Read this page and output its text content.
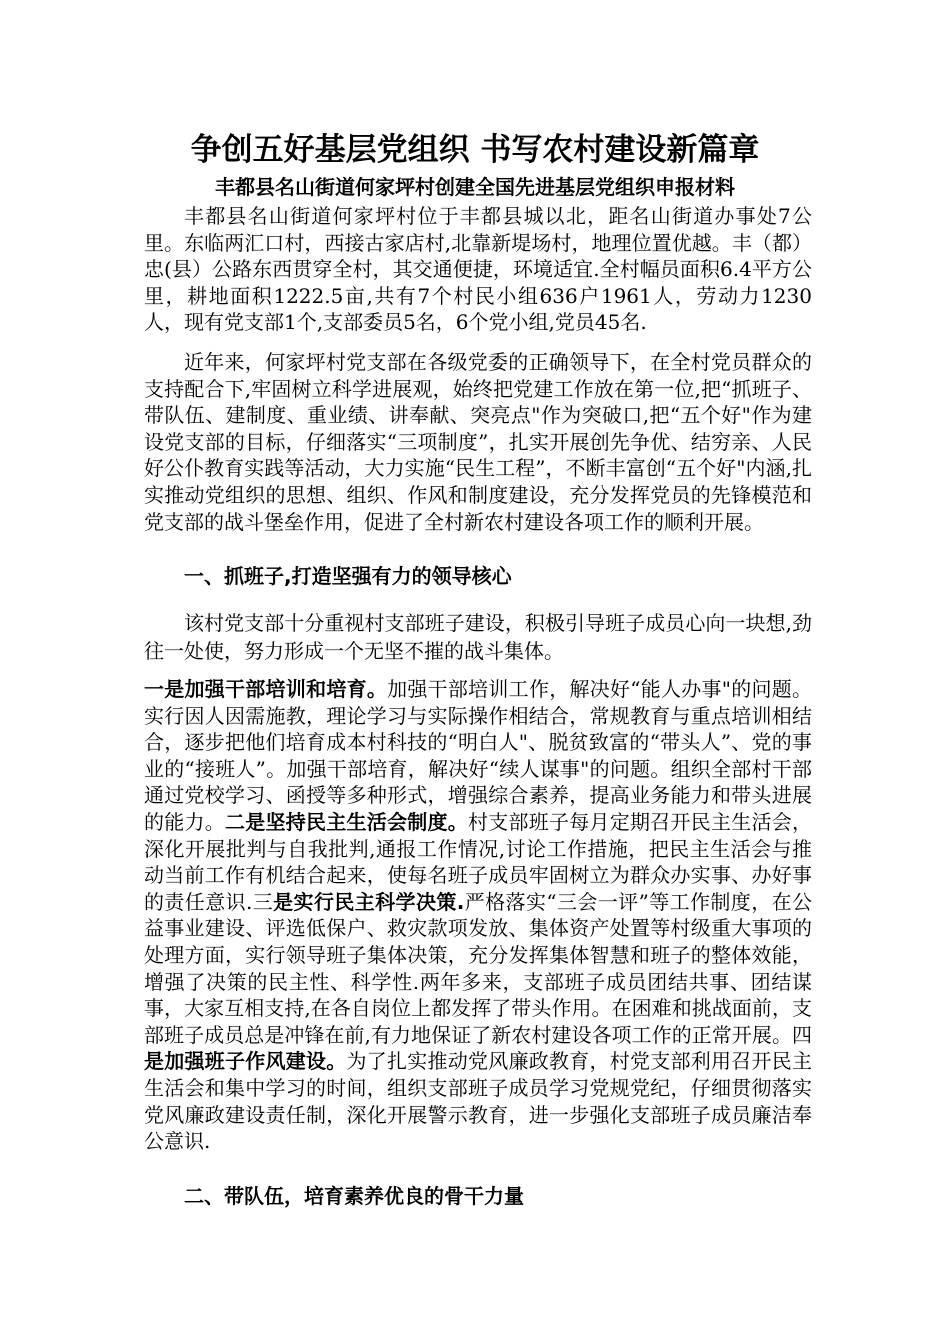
争创五好基层党组织 书写农村建设新篇章
丰都县名山街道何家坪村创建全国先进基层党组织申报材料

丰都县名山街道何家坪村位于丰都县城以北，距名山街道办事处7公里。东临两汇口村，西接古家店村,北靠新堤场村，地理位置优越。丰（都）忠(县）公路东西贯穿全村，其交通便捷，环境适宜.全村幅员面积6.4平方公里，耕地面积1222.5亩,共有7个村民小组636户1961人，劳动力1230人，现有党支部1个,支部委员5名，6个党小组,党员45名.

近年来，何家坪村党支部在各级党委的正确领导下，在全村党员群众的支持配合下,牢固树立科学进展观，始终把党建工作放在第一位,把“抓班子、带队伍、建制度、重业绩、讲奉献、突亮点"作为突破口,把“五个好"作为建设党支部的目标，仔细落实“三项制度”，扎实开展创先争优、结穷亲、人民好公仆教育实践等活动，大力实施“民生工程”，不断丰富创“五个好"内涵,扎实推动党组织的思想、组织、作风和制度建设，充分发挥党员的先锋模范和党支部的战斗堡垒作用，促进了全村新农村建设各项工作的顺利开展。

一、抓班子,打造坚强有力的领导核心

该村党支部十分重视村支部班子建设，积极引导班子成员心向一块想,劲往一处使，努力形成一个无坚不摧的战斗集体。

一是加强干部培训和培育。加强干部培训工作，解决好“能人办事"的问题。实行因人因需施教，理论学习与实际操作相结合，常规教育与重点培训相结合，逐步把他们培育成本村科技的“明白人"、脱贫致富的“带头人”、党的事业的“接班人”。加强干部培育，解决好“续人谋事"的问题。组织全部村干部通过党校学习、函授等多种形式，增强综合素养，提高业务能力和带头进展的能力。二是坚持民主生活会制度。村支部班子每月定期召开民主生活会，深化开展批判与自我批判,通报工作情况,讨论工作措施，把民主生活会与推动当前工作有机结合起来，使每名班子成员牢固树立为群众办实事、办好事的责任意识.三是实行民主科学决策.严格落实“三会一评”等工作制度，在公益事业建设、评选低保户、救灾款项发放、集体资产处置等村级重大事项的处理方面，实行领导班子集体决策，充分发挥集体智慧和班子的整体效能，增强了决策的民主性、科学性.两年多来，支部班子成员团结共事、团结谋事，大家互相支持,在各自岗位上都发挥了带头作用。在困难和挑战面前，支部班子成员总是冲锋在前,有力地保证了新农村建设各项工作的正常开展。四是加强班子作风建设。为了扎实推动党风廉政教育，村党支部利用召开民主生活会和集中学习的时间，组织支部班子成员学习党规党纪，仔细贯彻落实党风廉政建设责任制，深化开展警示教育，进一步强化支部班子成员廉洁奉公意识.

二、带队伍，培育素养优良的骨干力量
